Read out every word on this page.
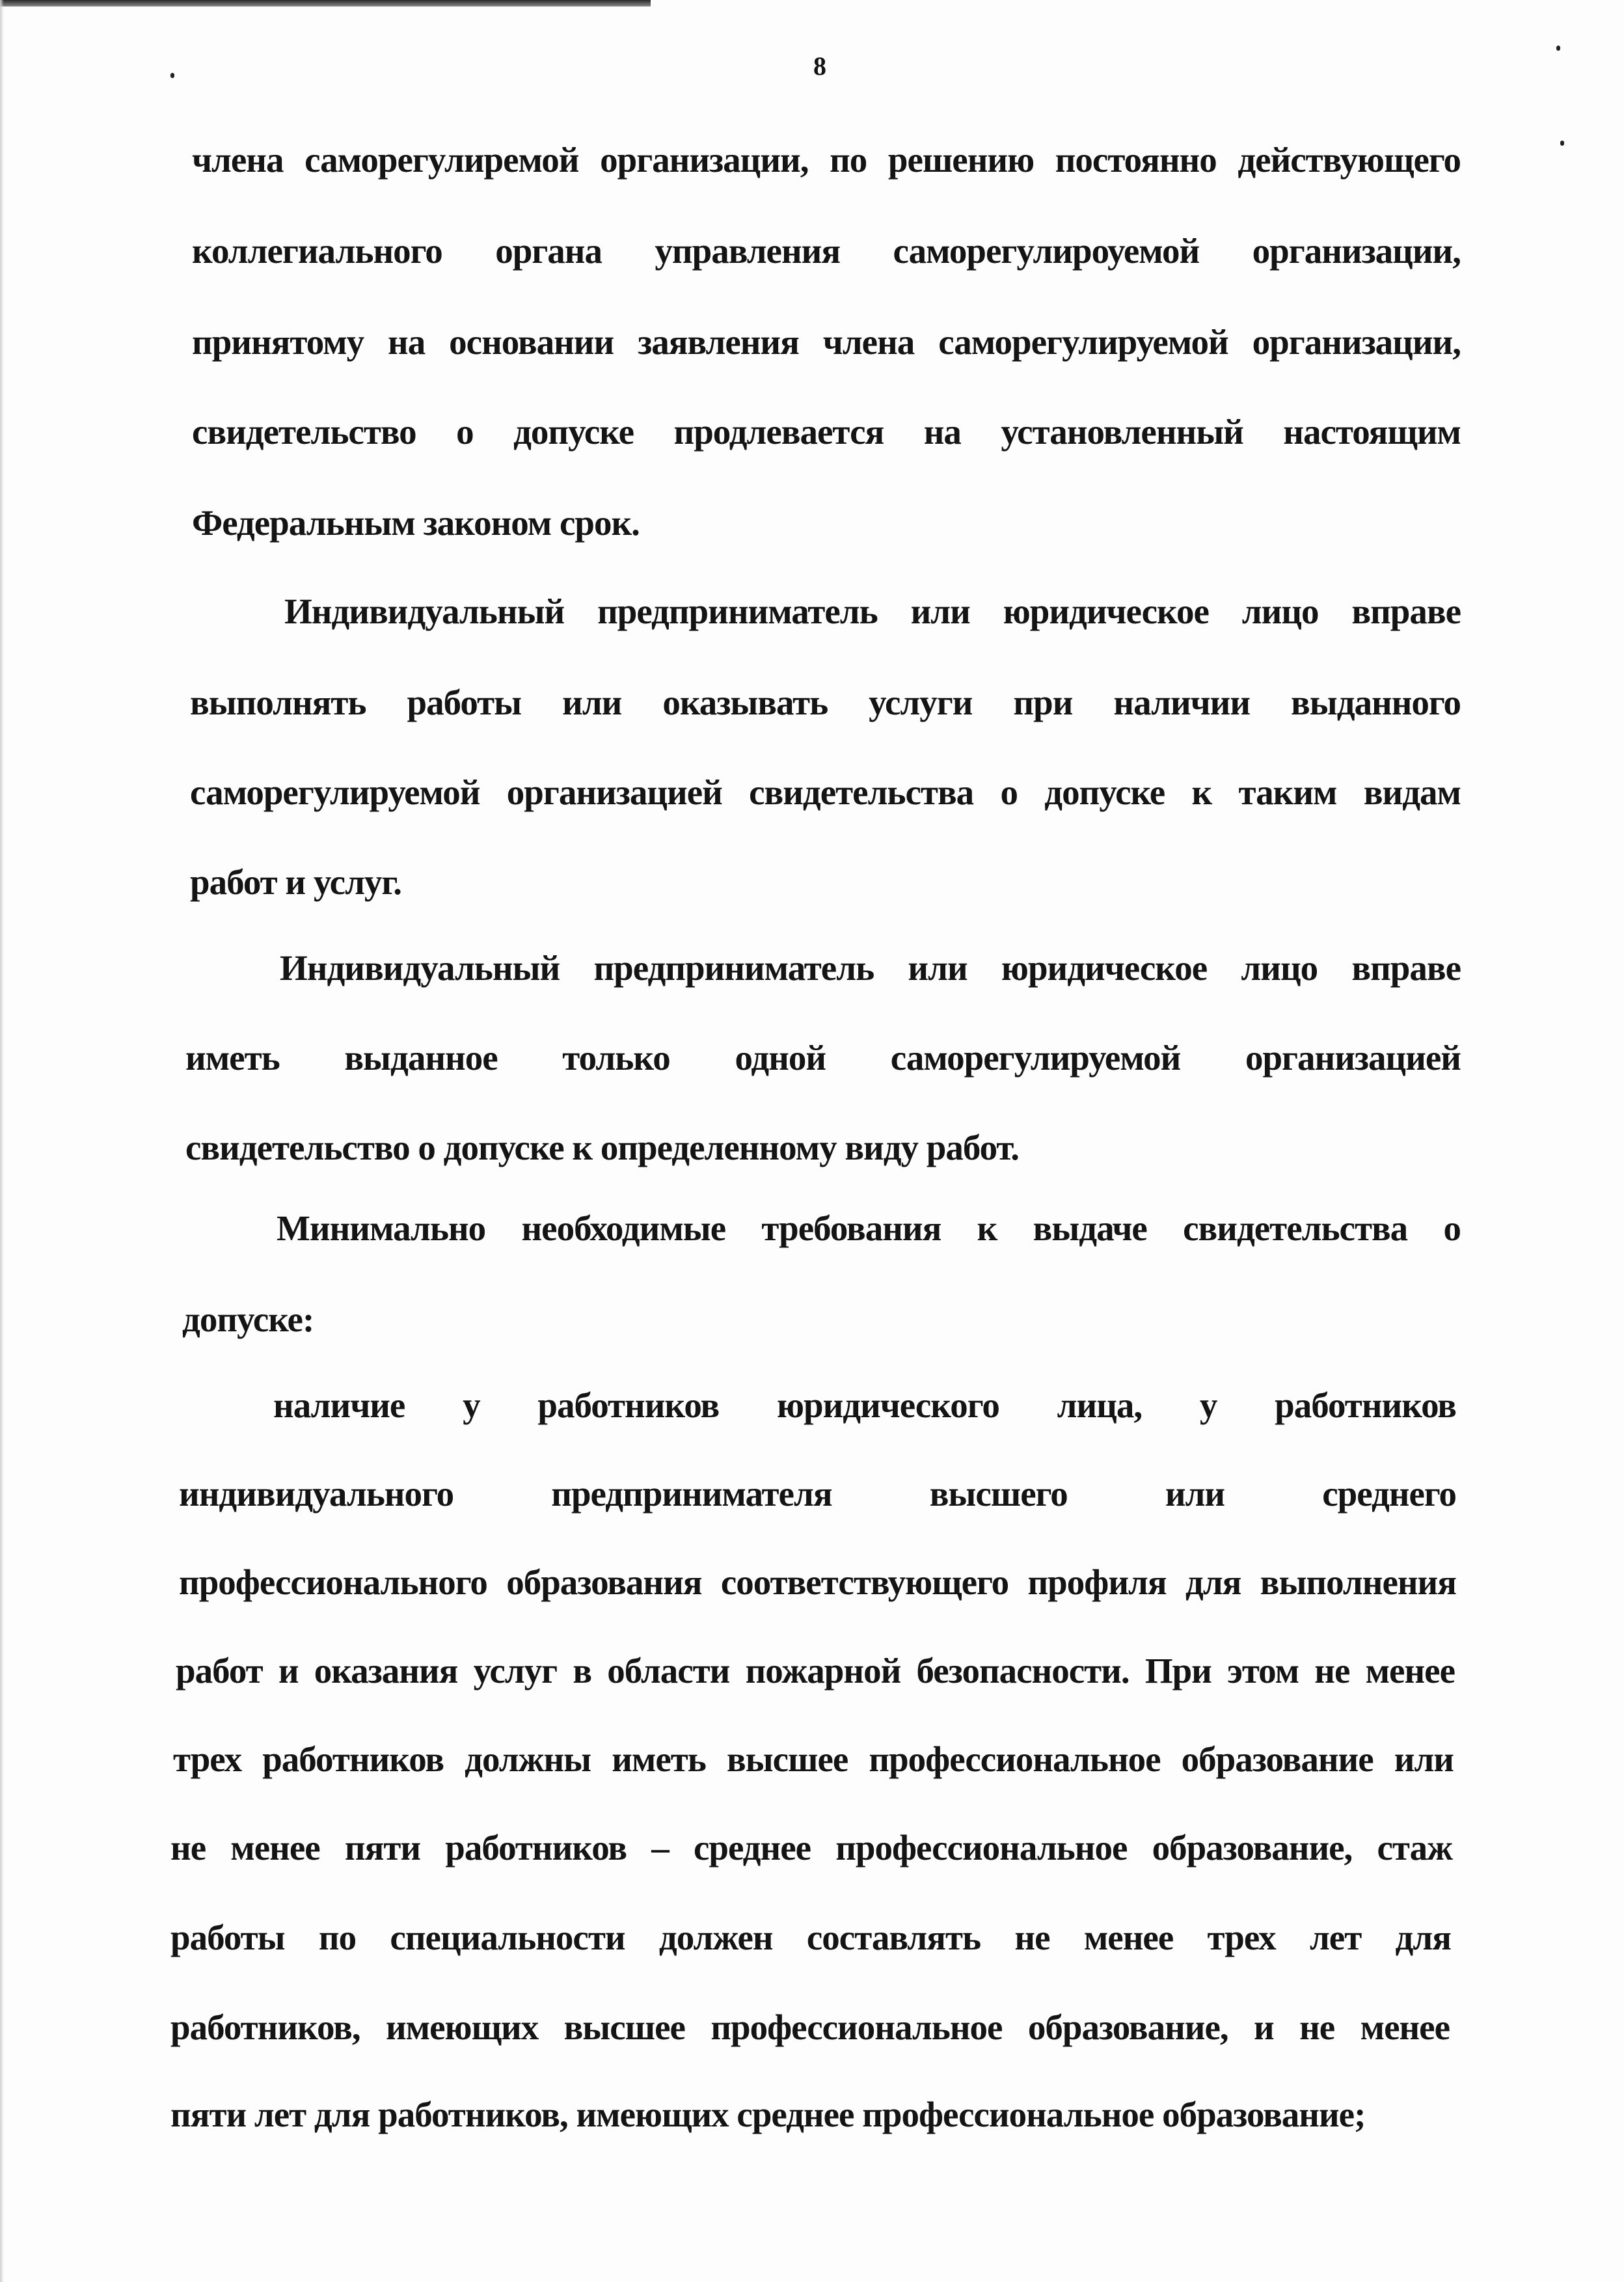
8
члена саморегулиремой организации, по решению постоянно действующего
коллегиального органа управления саморегулироуемой организации,
принятому на основании заявления члена саморегулируемой организации,
свидетельство о допуске продлевается на установленный настоящим
Федеральным законом срок.
Индивидуальный предприниматель или юридическое лицо вправе
выполнять работы или оказывать услуги при наличии выданного
саморегулируемой организацией свидетельства о допуске к таким видам
работ и услуг.
Индивидуальный предприниматель или юридическое лицо вправе
иметь выданное только одной саморегулируемой организацией
свидетельство о допуске к определенному виду работ.
Минимально необходимые требования к выдаче свидетельства о
допуске:
наличие у работников юридического лица, у работников
индивидуального предпринимателя высшего или среднего
профессионального образования соответствующего профиля для выполнения
работ и оказания услуг в области пожарной безопасности. При этом не менее
трех работников должны иметь высшее профессиональное образование или
не менее пяти работников – среднее профессиональное образование, стаж
работы по специальности должен составлять не менее трех лет для
работников, имеющих высшее профессиональное образование, и не менее
пяти лет для работников, имеющих среднее профессиональное образование;
